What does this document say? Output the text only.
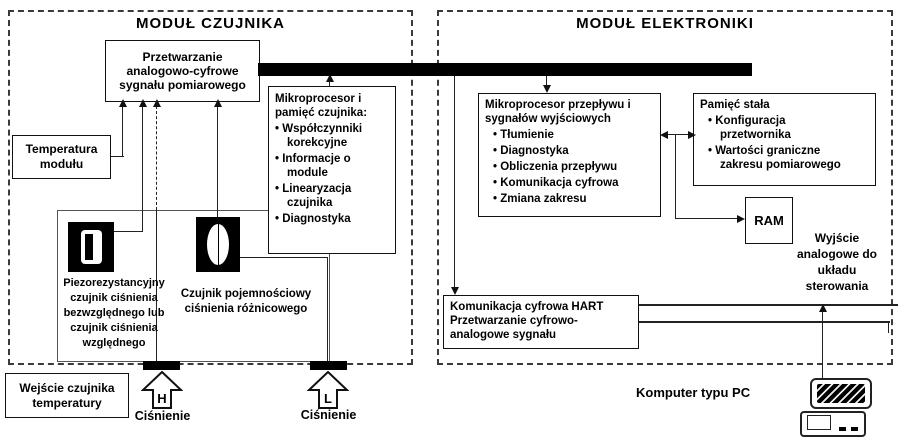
MODUŁ CZUJNIKA	MODUŁ ELEKTRONIKI
Przetwarzanie
analogowo-cyfrowe
sygnału pomiarowego
Mikroprocesor i pamięć czujnika:
• Współczynniki korekcyjne
• Informacje o module
• Linearyzacja czujnika
• Diagnostyka
Temperatura modułu
Piezorezystancyjny czujnik ciśnienia bezwzględnego lub czujnik ciśnienia względnego
Czujnik pojemnościowy ciśnienia różnicowego
H	L
Ciśnienie	Ciśnienie
Wejście czujnika temperatury
Mikroprocesor przepływu i sygnałów wyjściowych
• Tłumienie
• Diagnostyka
• Obliczenia przepływu
• Komunikacja cyfrowa
• Zmiana zakresu
Pamięć stała
• Konfiguracja przetwornika
• Wartości graniczne zakresu pomiarowego
RAM
Wyjście analogowe do układu sterowania
Komunikacja cyfrowa HART
Przetwarzanie cyfrowo-
analogowe sygnału
Komputer typu PC
